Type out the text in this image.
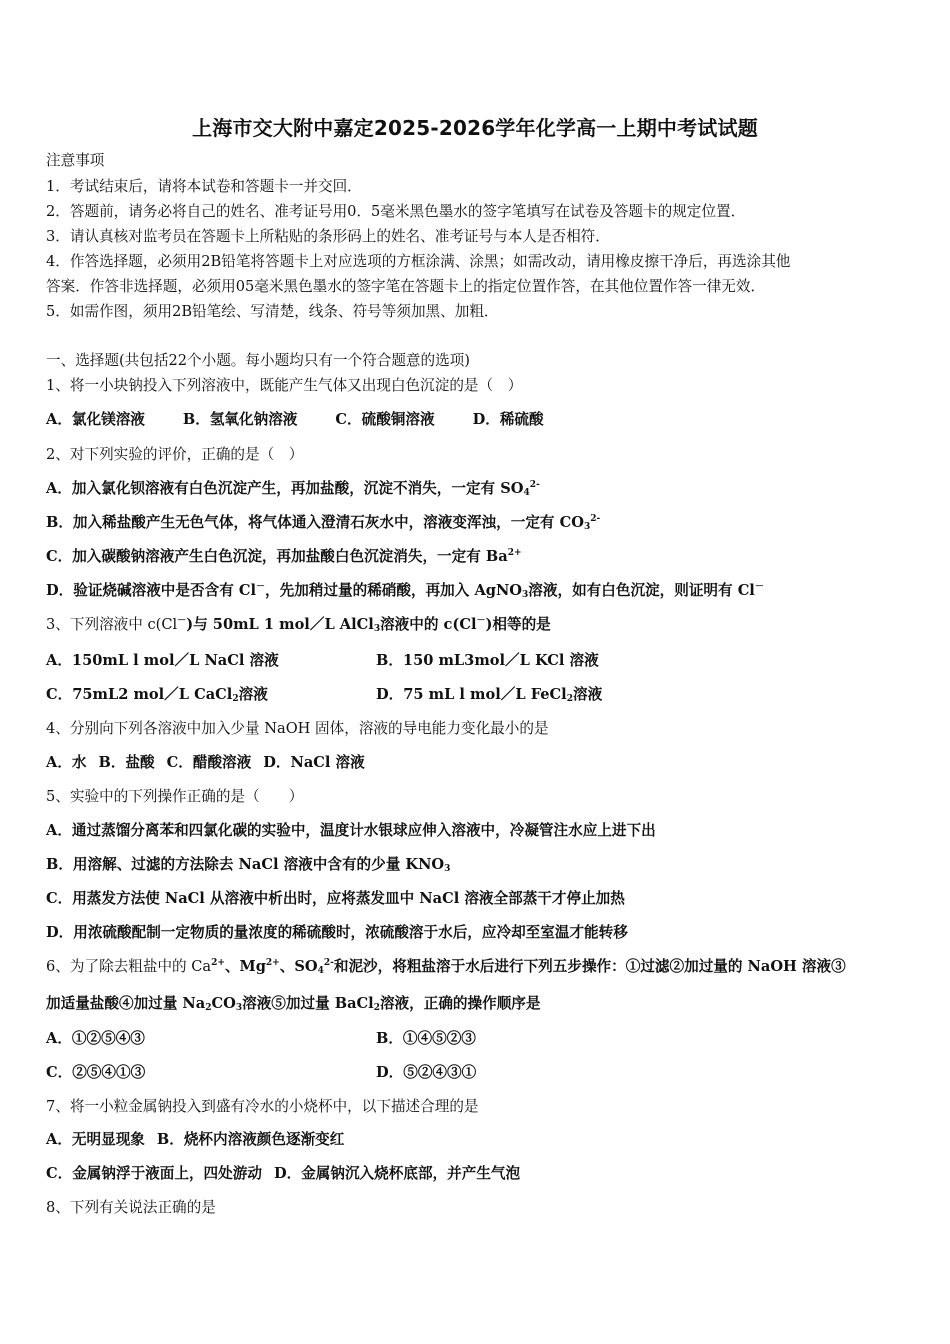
上海市交大附中嘉定2025-2026学年化学高一上期中考试试题
注意事项
1．考试结束后，请将本试卷和答题卡一并交回．
2．答题前，请务必将自己的姓名、准考证号用0．5毫米黑色墨水的签字笔填写在试卷及答题卡的规定位置．
3．请认真核对监考员在答题卡上所粘贴的条形码上的姓名、准考证号与本人是否相符．
4．作答选择题，必须用2B铅笔将答题卡上对应选项的方框涂满、涂黑；如需改动，请用橡皮擦干净后，再选涂其他
答案．作答非选择题，必须用05毫米黑色墨水的签字笔在答题卡上的指定位置作答，在其他位置作答一律无效．
5．如需作图，须用2B铅笔绘、写清楚，线条、符号等须加黑、加粗．
一、选择题(共包括22个小题。每小题均只有一个符合题意的选项)
1、将一小块钠投入下列溶液中，既能产生气体又出现白色沉淀的是（　）
A．氯化镁溶液	B．氢氧化钠溶液	C．硫酸铜溶液	D．稀硫酸
2、对下列实验的评价，正确的是（　）
A．加入氯化钡溶液有白色沉淀产生，再加盐酸，沉淀不消失，一定有 $SO_4^{2-}$
B．加入稀盐酸产生无色气体，将气体通入澄清石灰水中，溶液变浑浊，一定有 $CO_3^{2-}$
C．加入碳酸钠溶液产生白色沉淀，再加盐酸白色沉淀消失，一定有 $Ba^{2+}$
D．验证烧碱溶液中是否含有 Cl－，先加稍过量的稀硝酸，再加入 AgNO$_3$溶液，如有白色沉淀，则证明有 Cl－
3、下列溶液中 c(Cl－)与 50mL 1 mol／L AlCl$_3$溶液中的 c(Cl－)相等的是
A．150mL l mol／L NaCl 溶液	B．150 mL3mol／L KCl 溶液
C．75mL2 mol／L CaCl$_2$溶液	D．75 mL l mol／L FeCl$_2$溶液
4、分别向下列各溶液中加入少量 NaOH 固体，溶液的导电能力变化最小的是
A．水 B．盐酸 C．醋酸溶液 D．NaCl 溶液
5、实验中的下列操作正确的是（　　）
A．通过蒸馏分离苯和四氯化碳的实验中，温度计水银球应伸入溶液中，冷凝管注水应上进下出
B．用溶解、过滤的方法除去 NaCl 溶液中含有的少量 $KNO_3$
C．用蒸发方法使 NaCl 从溶液中析出时，应将蒸发皿中 NaCl 溶液全部蒸干才停止加热
D．用浓硫酸配制一定物质的量浓度的稀硫酸时，浓硫酸溶于水后，应冷却至室温才能转移
6、为了除去粗盐中的 $Ca^{2+}$、$Mg^{2+}$、$SO_4^{2-}$和泥沙，将粗盐溶于水后进行下列五步操作：①过滤②加过量的 NaOH 溶液③
加适量盐酸④加过量 $Na_2CO_3$溶液⑤加过量 BaCl$_2$溶液，正确的操作顺序是
A．①②⑤④③	B．①④⑤②③
C．②⑤④①③	D．⑤②④③①
7、将一小粒金属钠投入到盛有冷水的小烧杯中，以下描述合理的是
A．无明显现象 B．烧杯内溶液颜色逐渐变红
C．金属钠浮于液面上，四处游动 D．金属钠沉入烧杯底部，并产生气泡
8、下列有关说法正确的是
